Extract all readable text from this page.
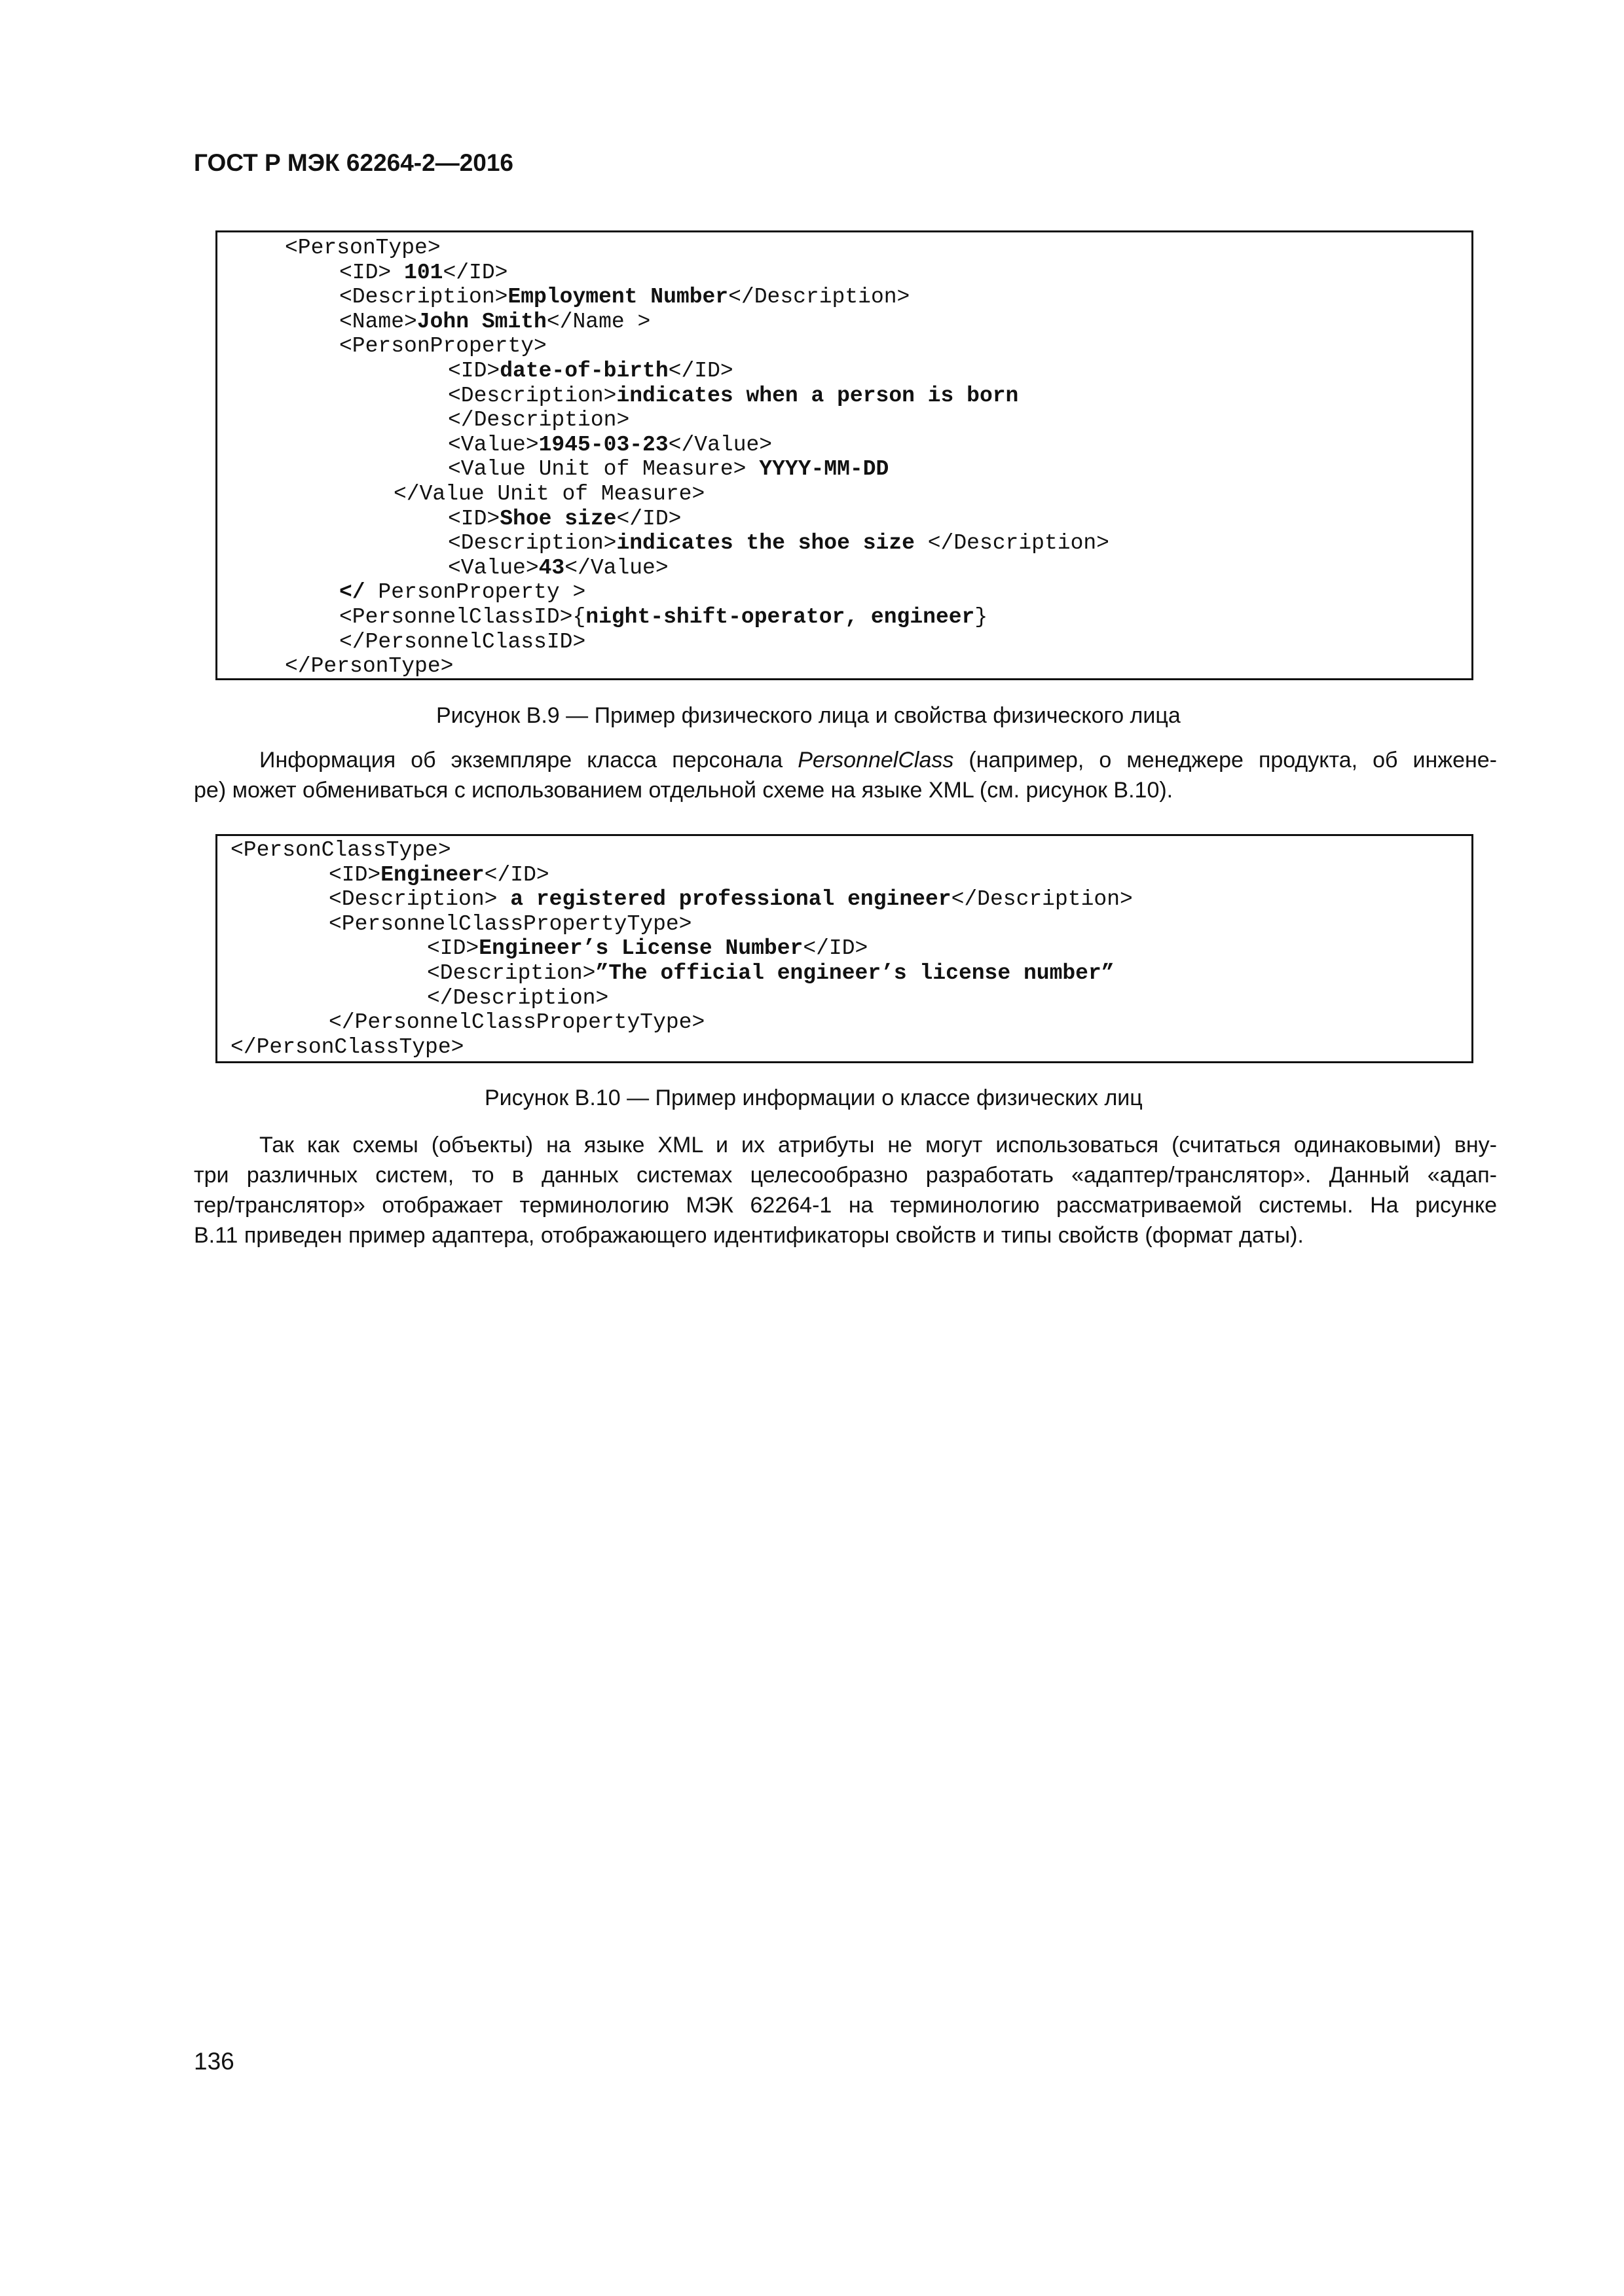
ГОСТ Р МЭК 62264-2—2016
<PersonType>
<ID> 101</ID>
<Description>Employment Number</Description>
<Name>John Smith</Name >
<PersonProperty>
<ID>date-of-birth</ID>
<Description>indicates when a person is born
</Description>
<Value>1945-03-23</Value>
<Value Unit of Measure> YYYY-MM-DD
</Value Unit of Measure>
<ID>Shoe size</ID>
<Description>indicates the shoe size </Description>
<Value>43</Value>
</ PersonProperty >
<PersonnelClassID>{night-shift-operator, engineer}
</PersonnelClassID>
</PersonType>
Рисунок В.9 — Пример физического лица и свойства физического лица
Информация об экземпляре класса персонала PersonnelClass (например, о менеджере продукта, об инжене-
ре) может обмениваться с использованием отдельной схеме на языке XML (см. рисунок В.10).
<PersonClassType>
<ID>Engineer</ID>
<Description> a registered professional engineer</Description>
<PersonnelClassPropertyType>
<ID>Engineer’s License Number</ID>
<Description>”The official engineer’s license number”
</Description>
</PersonnelClassPropertyType>
</PersonClassType>
Рисунок В.10 — Пример информации о классе физических лиц
Так как схемы (объекты) на языке XML и их атрибуты не могут использоваться (считаться одинаковыми) вну-
три различных систем, то в данных системах целесообразно разработать «адаптер/транслятор». Данный «адап-
тер/транслятор» отображает терминологию МЭК 62264-1 на терминологию рассматриваемой системы. На рисунке
В.11 приведен пример адаптера, отображающего идентификаторы свойств и типы свойств (формат даты).
136
